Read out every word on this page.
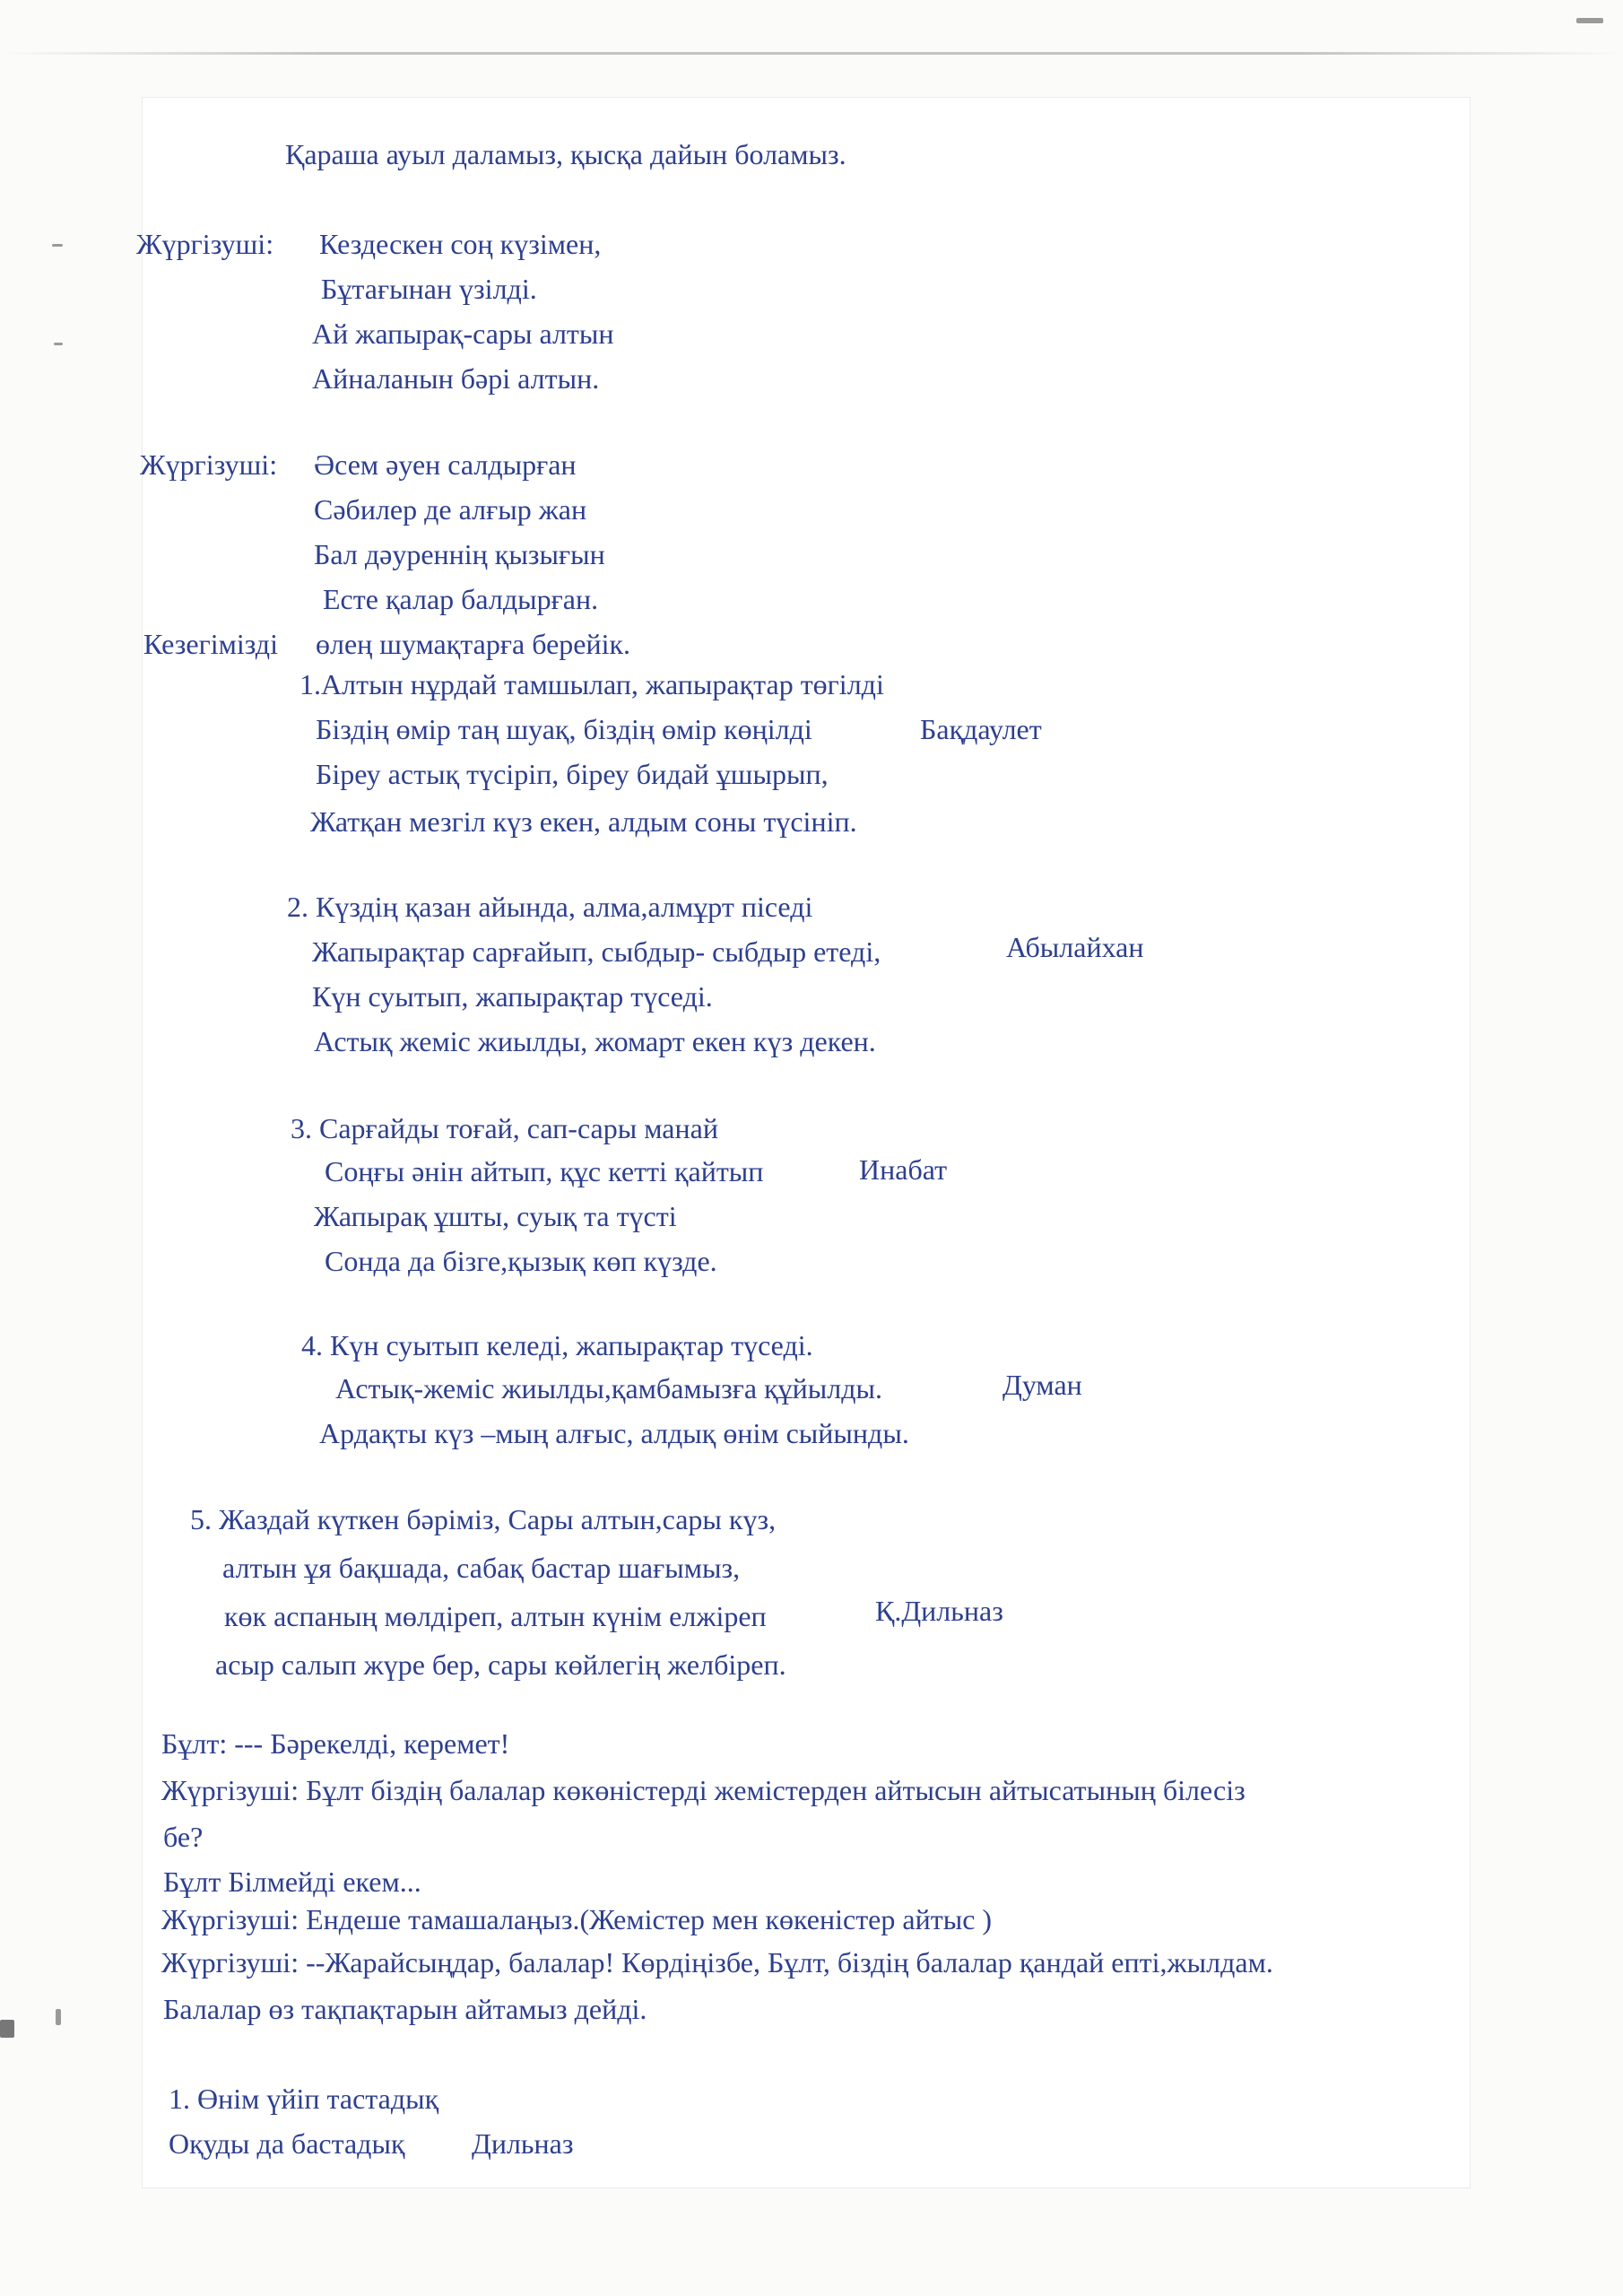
Қараша ауыл даламыз, қысқа дайын боламыз.

Жүргізуші: Кездескен соң күзімен,

Бұтағынан үзілді.

Ай жапырақ-сары алтын

Айналанын бәрі алтын.

Жүргізуші: Әсем әуен салдырған

Сәбилер де алғыр жан

Бал дәуреннің қызығын

Есте қалар балдырған.

Кезегімізді өлең шумақтарға берейік.

1.Алтын нұрдай тамшылап, жапырақтар төгілді

Біздің өмір таң шуақ, біздің өмір көңілді	Бақдаулет

Біреу астық түсіріп, біреу бидай ұшырып,

Жатқан мезгіл күз екен, алдым соны түсініп.

2. Күздің қазан айында, алма,алмұрт піседі

Жапырақтар сарғайып, сыбдыр- сыбдыр етеді,	Абылайхан

Күн суытып, жапырақтар түседі.

Астық жеміс жиылды, жомарт екен күз декен.

3. Сарғайды тоғай, сап-сары манай

Соңғы әнін айтып, құс кетті қайтып	Инабат

Жапырақ ұшты, суық та түсті

Сонда да бізге,қызық көп күзде.

4. Күн суытып келеді, жапырақтар түседі.

Астық-жеміс жиылды,қамбамызға құйылды.	Думан

Ардақты күз –мың алғыс, алдық өнім сыйынды.

5. Жаздай күткен бәріміз, Сары алтын,сары күз,

алтын ұя бақшада, сабақ бастар шағымыз,

көк аспаның мөлдіреп, алтын күнім елжіреп	Қ.Дильназ

асыр салып жүре бер, сары көйлегің желбіреп.

Бұлт: --- Бәрекелді, керемет!

Жүргізуші: Бұлт біздің балалар көкөністерді жемістерден айтысын айтысатының білесіз

бе?

Бұлт Білмейді екем...

Жүргізуші: Ендеше тамашалаңыз.(Жемістер мен көкеністер айтыс )

Жүргізуші: --Жарайсыңдар, балалар! Көрдіңізбе, Бұлт, біздің балалар қандай епті,жылдам.

Балалар өз тақпақтарын айтамыз дейді.

1. Өнім үйіп тастадық

Оқуды да бастадық Дильназ
